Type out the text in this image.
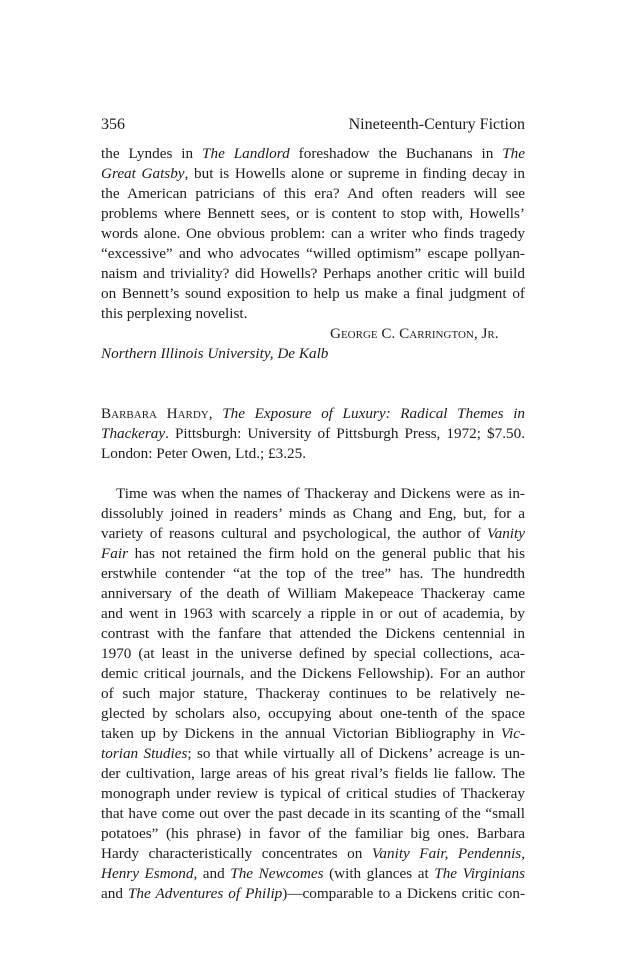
356	Nineteenth-Century Fiction
the Lyndes in The Landlord foreshadow the Buchanans in The
Great Gatsby, but is Howells alone or supreme in finding decay in
the American patricians of this era? And often readers will see
problems where Bennett sees, or is content to stop with, Howells’
words alone. One obvious problem: can a writer who finds tragedy
“excessive” and who advocates “willed optimism” escape pollyan-
naism and triviality? did Howells? Perhaps another critic will build
on Bennett’s sound exposition to help us make a final judgment of
this perplexing novelist.
George C. Carrington, Jr.
Northern Illinois University, De Kalb
Barbara Hardy, The Exposure of Luxury: Radical Themes in
Thackeray. Pittsburgh: University of Pittsburgh Press, 1972; $7.50.
London: Peter Owen, Ltd.; £3.25.
Time was when the names of Thackeray and Dickens were as in-
dissolubly joined in readers’ minds as Chang and Eng, but, for a
variety of reasons cultural and psychological, the author of Vanity
Fair has not retained the firm hold on the general public that his
erstwhile contender “at the top of the tree” has. The hundredth
anniversary of the death of William Makepeace Thackeray came
and went in 1963 with scarcely a ripple in or out of academia, by
contrast with the fanfare that attended the Dickens centennial in
1970 (at least in the universe defined by special collections, aca-
demic critical journals, and the Dickens Fellowship). For an author
of such major stature, Thackeray continues to be relatively ne-
glected by scholars also, occupying about one-tenth of the space
taken up by Dickens in the annual Victorian Bibliography in Vic-
torian Studies; so that while virtually all of Dickens’ acreage is un-
der cultivation, large areas of his great rival’s fields lie fallow. The
monograph under review is typical of critical studies of Thackeray
that have come out over the past decade in its scanting of the “small
potatoes” (his phrase) in favor of the familiar big ones. Barbara
Hardy characteristically concentrates on Vanity Fair, Pendennis,
Henry Esmond, and The Newcomes (with glances at The Virginians
and The Adventures of Philip)—comparable to a Dickens critic con-
